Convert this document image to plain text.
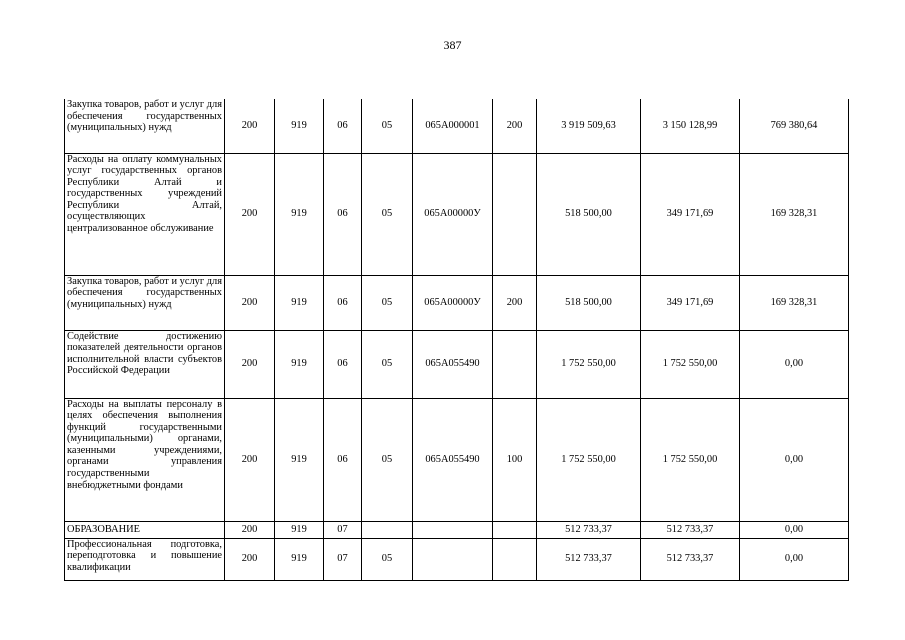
387
Закупка товаров, работ и услуг для обеспечения государственных (муниципальных) нужд	200	919	06	05	065A000001	200	3 919 509,63	3 150 128,99	769 380,64
Расходы на оплату коммунальных услуг государственных органов Республики Алтай и государственных учреждений Республики Алтай, осуществляющих централизованное обслуживание	200	919	06	05	065A00000У		518 500,00	349 171,69	169 328,31
Закупка товаров, работ и услуг для обеспечения государственных (муниципальных) нужд	200	919	06	05	065A00000У	200	518 500,00	349 171,69	169 328,31
Содействие достижению показателей деятельности органов исполнительной власти субъектов Российской Федерации	200	919	06	05	065A055490		1 752 550,00	1 752 550,00	0,00
Расходы на выплаты персоналу в целях обеспечения выполнения функций государственными (муниципальными) органами, казенными учреждениями, органами управления государственными внебюджетными фондами	200	919	06	05	065A055490	100	1 752 550,00	1 752 550,00	0,00
ОБРАЗОВАНИЕ	200	919	07				512 733,37	512 733,37	0,00
Профессиональная подготовка, переподготовка и повышение квалификации	200	919	07	05			512 733,37	512 733,37	0,00
